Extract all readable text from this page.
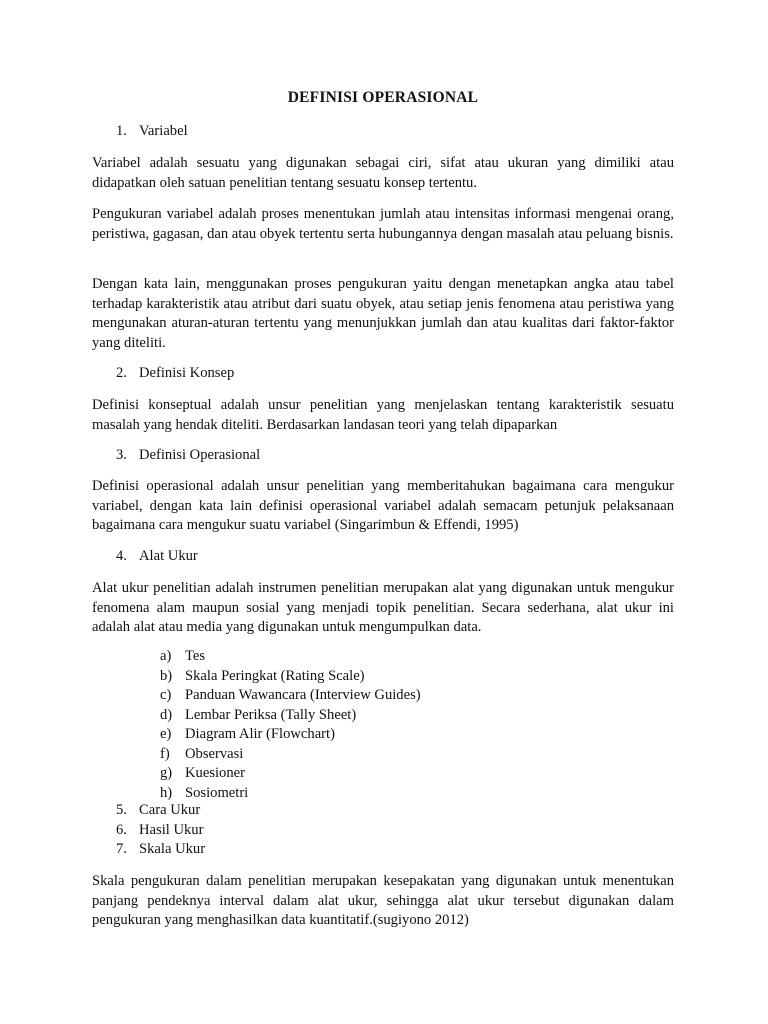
DEFINISI OPERASIONAL

1. Variabel

Variabel adalah sesuatu yang digunakan sebagai ciri, sifat atau ukuran yang dimiliki atau didapatkan oleh satuan penelitian tentang sesuatu konsep tertentu.

Pengukuran variabel adalah proses menentukan jumlah atau intensitas informasi mengenai orang, peristiwa, gagasan, dan atau obyek tertentu serta hubungannya dengan masalah atau peluang bisnis.

Dengan kata lain, menggunakan proses pengukuran yaitu dengan menetapkan angka atau tabel terhadap karakteristik atau atribut dari suatu obyek, atau setiap jenis fenomena atau peristiwa yang mengunakan aturan-aturan tertentu yang menunjukkan jumlah dan atau kualitas dari faktor-faktor yang diteliti.

2. Definisi Konsep

Definisi konseptual adalah unsur penelitian yang menjelaskan tentang karakteristik sesuatu masalah yang hendak diteliti. Berdasarkan landasan teori yang telah dipaparkan

3. Definisi Operasional

Definisi operasional adalah unsur penelitian yang memberitahukan bagaimana cara mengukur variabel, dengan kata lain definisi operasional variabel adalah semacam petunjuk pelaksanaan bagaimana cara mengukur suatu variabel (Singarimbun & Effendi, 1995)

4. Alat Ukur

Alat ukur penelitian adalah instrumen penelitian merupakan alat yang digunakan untuk mengukur fenomena alam maupun sosial yang menjadi topik penelitian. Secara sederhana, alat ukur ini adalah alat atau media yang digunakan untuk mengumpulkan data.

a) Tes
b) Skala Peringkat (Rating Scale)
c) Panduan Wawancara (Interview Guides)
d) Lembar Periksa (Tally Sheet)
e) Diagram Alir (Flowchart)
f) Observasi
g) Kuesioner
h) Sosiometri
5. Cara Ukur
6. Hasil Ukur
7. Skala Ukur

Skala pengukuran dalam penelitian merupakan kesepakatan yang digunakan untuk menentukan panjang pendeknya interval dalam alat ukur, sehingga alat ukur tersebut digunakan dalam pengukuran yang menghasilkan data kuantitatif.(sugiyono 2012)
